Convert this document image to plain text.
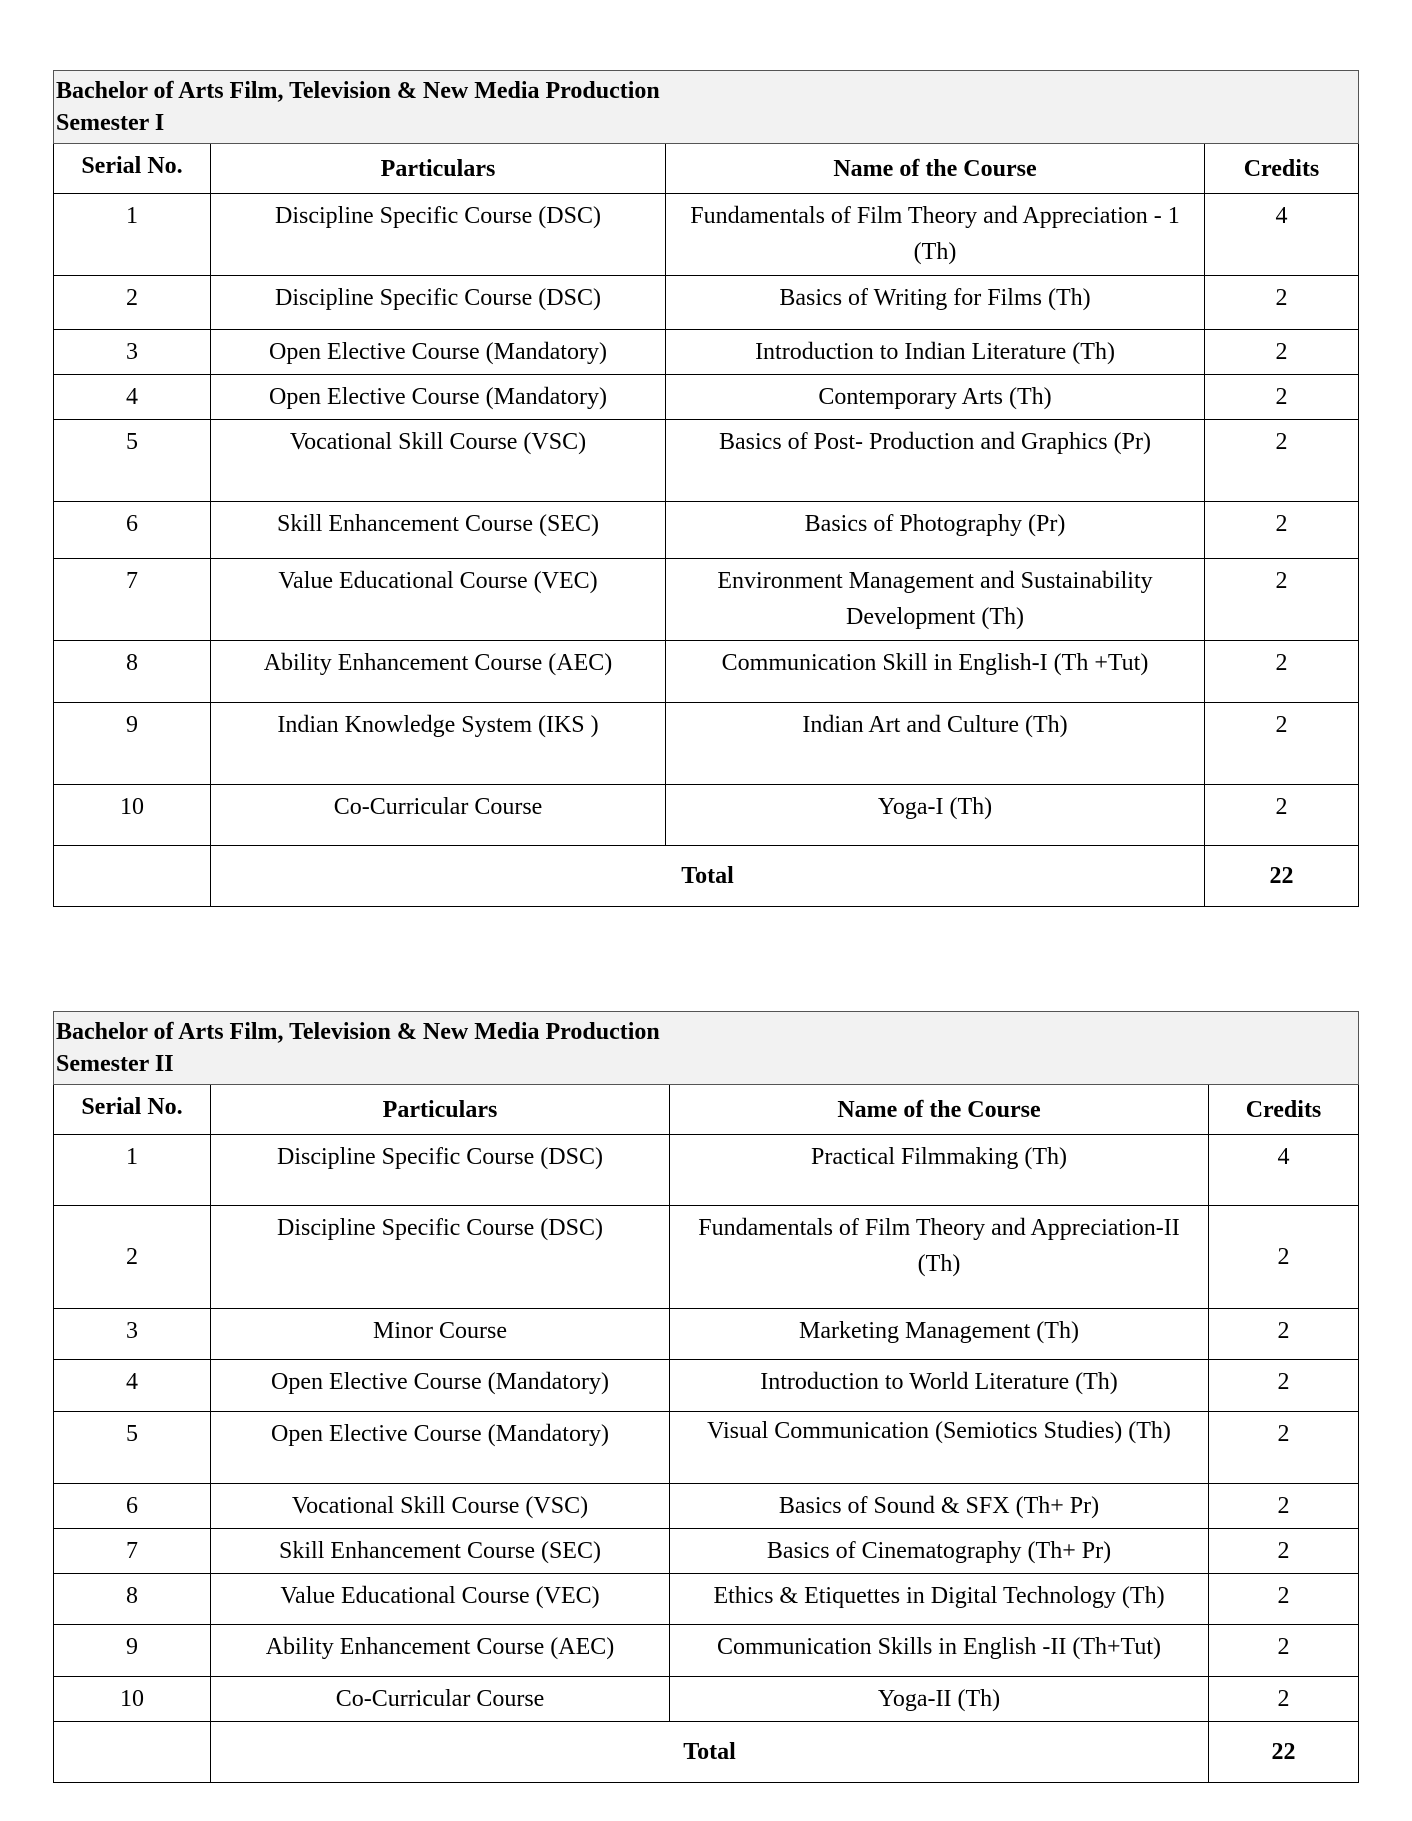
Bachelor of Arts Film, Television & New Media Production
Semester I			

Serial No.	Particulars	Name of the Course	Credits
1	Discipline Specific Course (DSC)	Fundamentals of Film Theory and Appreciation - 1 (Th)	4
2	Discipline Specific Course (DSC)	Basics of Writing for Films (Th)	2
3	Open Elective Course (Mandatory)	Introduction to Indian Literature (Th)	2
4	Open Elective Course (Mandatory)	Contemporary Arts (Th)	2
5	Vocational Skill Course (VSC)	Basics of Post- Production and Graphics (Pr)	2
6	Skill Enhancement Course (SEC)	Basics of Photography (Pr)	2
7	Value Educational Course (VEC)	Environment Management and Sustainability Development (Th)	2
8	Ability Enhancement Course (AEC)	Communication Skill in English-I (Th +Tut)	2
9	Indian Knowledge System (IKS )	Indian Art and Culture (Th)	2
10	Co-Curricular Course	Yoga-I (Th)	2
	Total		22
Bachelor of Arts Film, Television & New Media Production
Semester II			

Serial No.	Particulars	Name of the Course	Credits
1	Discipline Specific Course (DSC)	Practical Filmmaking (Th)	4
2	Discipline Specific Course (DSC)	Fundamentals of Film Theory and Appreciation-II (Th)	2
3	Minor Course	Marketing Management (Th)	2
4	Open Elective Course (Mandatory)	Introduction to World Literature (Th)	2
5	Open Elective Course (Mandatory)	Visual Communication (Semiotics Studies) (Th)	2
6	Vocational Skill Course (VSC)	Basics of Sound & SFX (Th+ Pr)	2
7	Skill Enhancement Course (SEC)	Basics of Cinematography (Th+ Pr)	2
8	Value Educational Course (VEC)	Ethics & Etiquettes in Digital Technology (Th)	2
9	Ability Enhancement Course (AEC)	Communication Skills in English -II (Th+Tut)	2
10	Co-Curricular Course	Yoga-II (Th)	2
	Total		22
